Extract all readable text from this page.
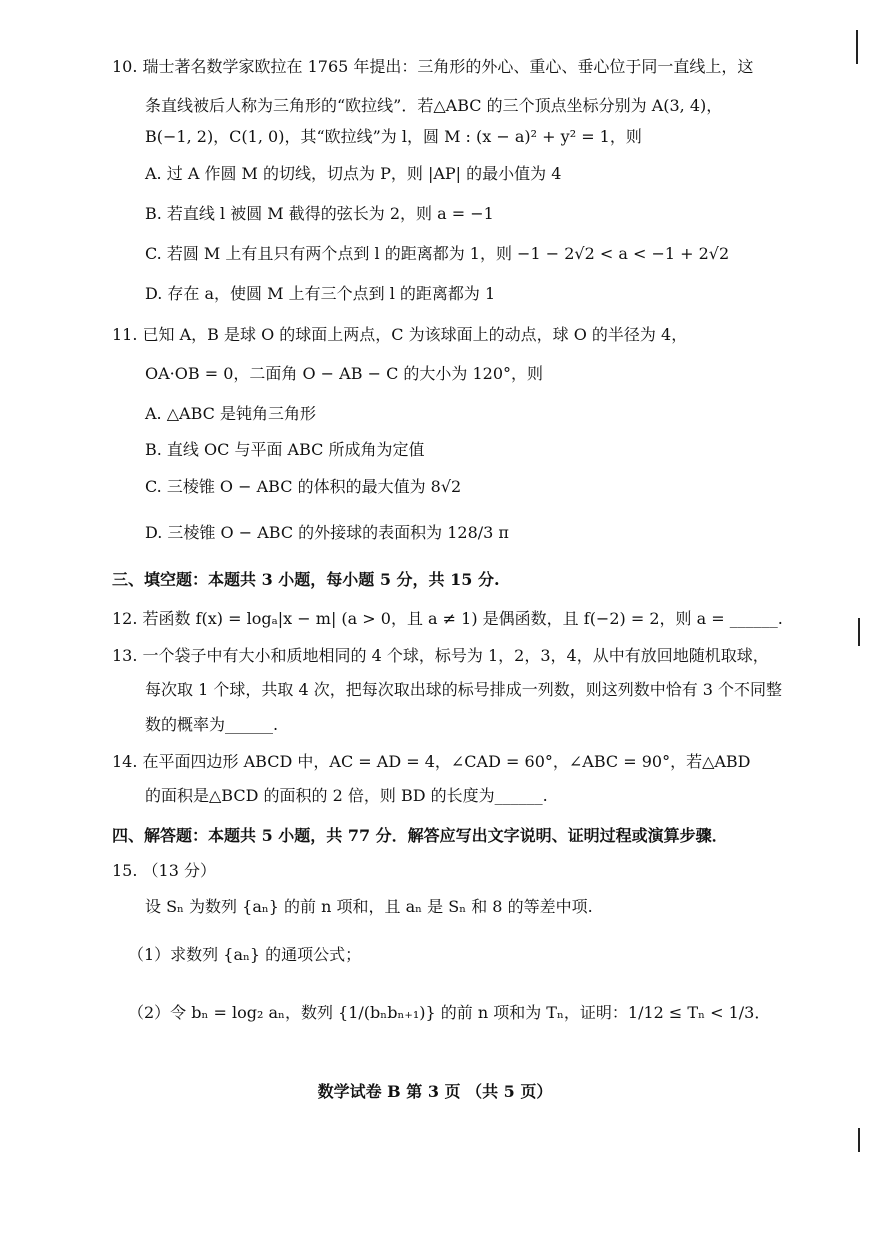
10. 瑞士著名数学家欧拉在 1765 年提出：三角形的外心、重心、垂心位于同一直线上，这
条直线被后人称为三角形的“欧拉线”．若△ABC 的三个顶点坐标分别为 A(3, 4)，
B(−1, 2)，C(1, 0)，其“欧拉线”为 l，圆 M : (x − a)² + y² = 1，则
A. 过 A 作圆 M 的切线，切点为 P，则 |AP| 的最小值为 4
B. 若直线 l 被圆 M 截得的弦长为 2，则 a = −1
C. 若圆 M 上有且只有两个点到 l 的距离都为 1，则 −1 − 2√2 < a < −1 + 2√2
D. 存在 a，使圆 M 上有三个点到 l 的距离都为 1
11. 已知 A，B 是球 O 的球面上两点，C 为该球面上的动点，球 O 的半径为 4，
OA·OB = 0，二面角 O − AB − C 的大小为 120°，则
A. △ABC 是钝角三角形
B. 直线 OC 与平面 ABC 所成角为定值
C. 三棱锥 O − ABC 的体积的最大值为 8√2
D. 三棱锥 O − ABC 的外接球的表面积为 128/3 π
三、填空题：本题共 3 小题，每小题 5 分，共 15 分.
12. 若函数 f(x) = logₐ|x − m| (a > 0，且 a ≠ 1) 是偶函数，且 f(−2) = 2，则 a = ______.
13. 一个袋子中有大小和质地相同的 4 个球，标号为 1，2，3，4，从中有放回地随机取球，
每次取 1 个球，共取 4 次，把每次取出球的标号排成一列数，则这列数中恰有 3 个不同整
数的概率为______.
14. 在平面四边形 ABCD 中，AC = AD = 4，∠CAD = 60°，∠ABC = 90°，若△ABD
的面积是△BCD 的面积的 2 倍，则 BD 的长度为______.
四、解答题：本题共 5 小题，共 77 分．解答应写出文字说明、证明过程或演算步骤．
15. （13 分）
设 Sₙ 为数列 {aₙ} 的前 n 项和，且 aₙ 是 Sₙ 和 8 的等差中项.
（1）求数列 {aₙ} 的通项公式；
（2）令 bₙ = log₂ aₙ，数列 {1/(bₙbₙ₊₁)} 的前 n 项和为 Tₙ，证明：1/12 ≤ Tₙ < 1/3．
数学试卷 B 第 3 页 （共 5 页）
